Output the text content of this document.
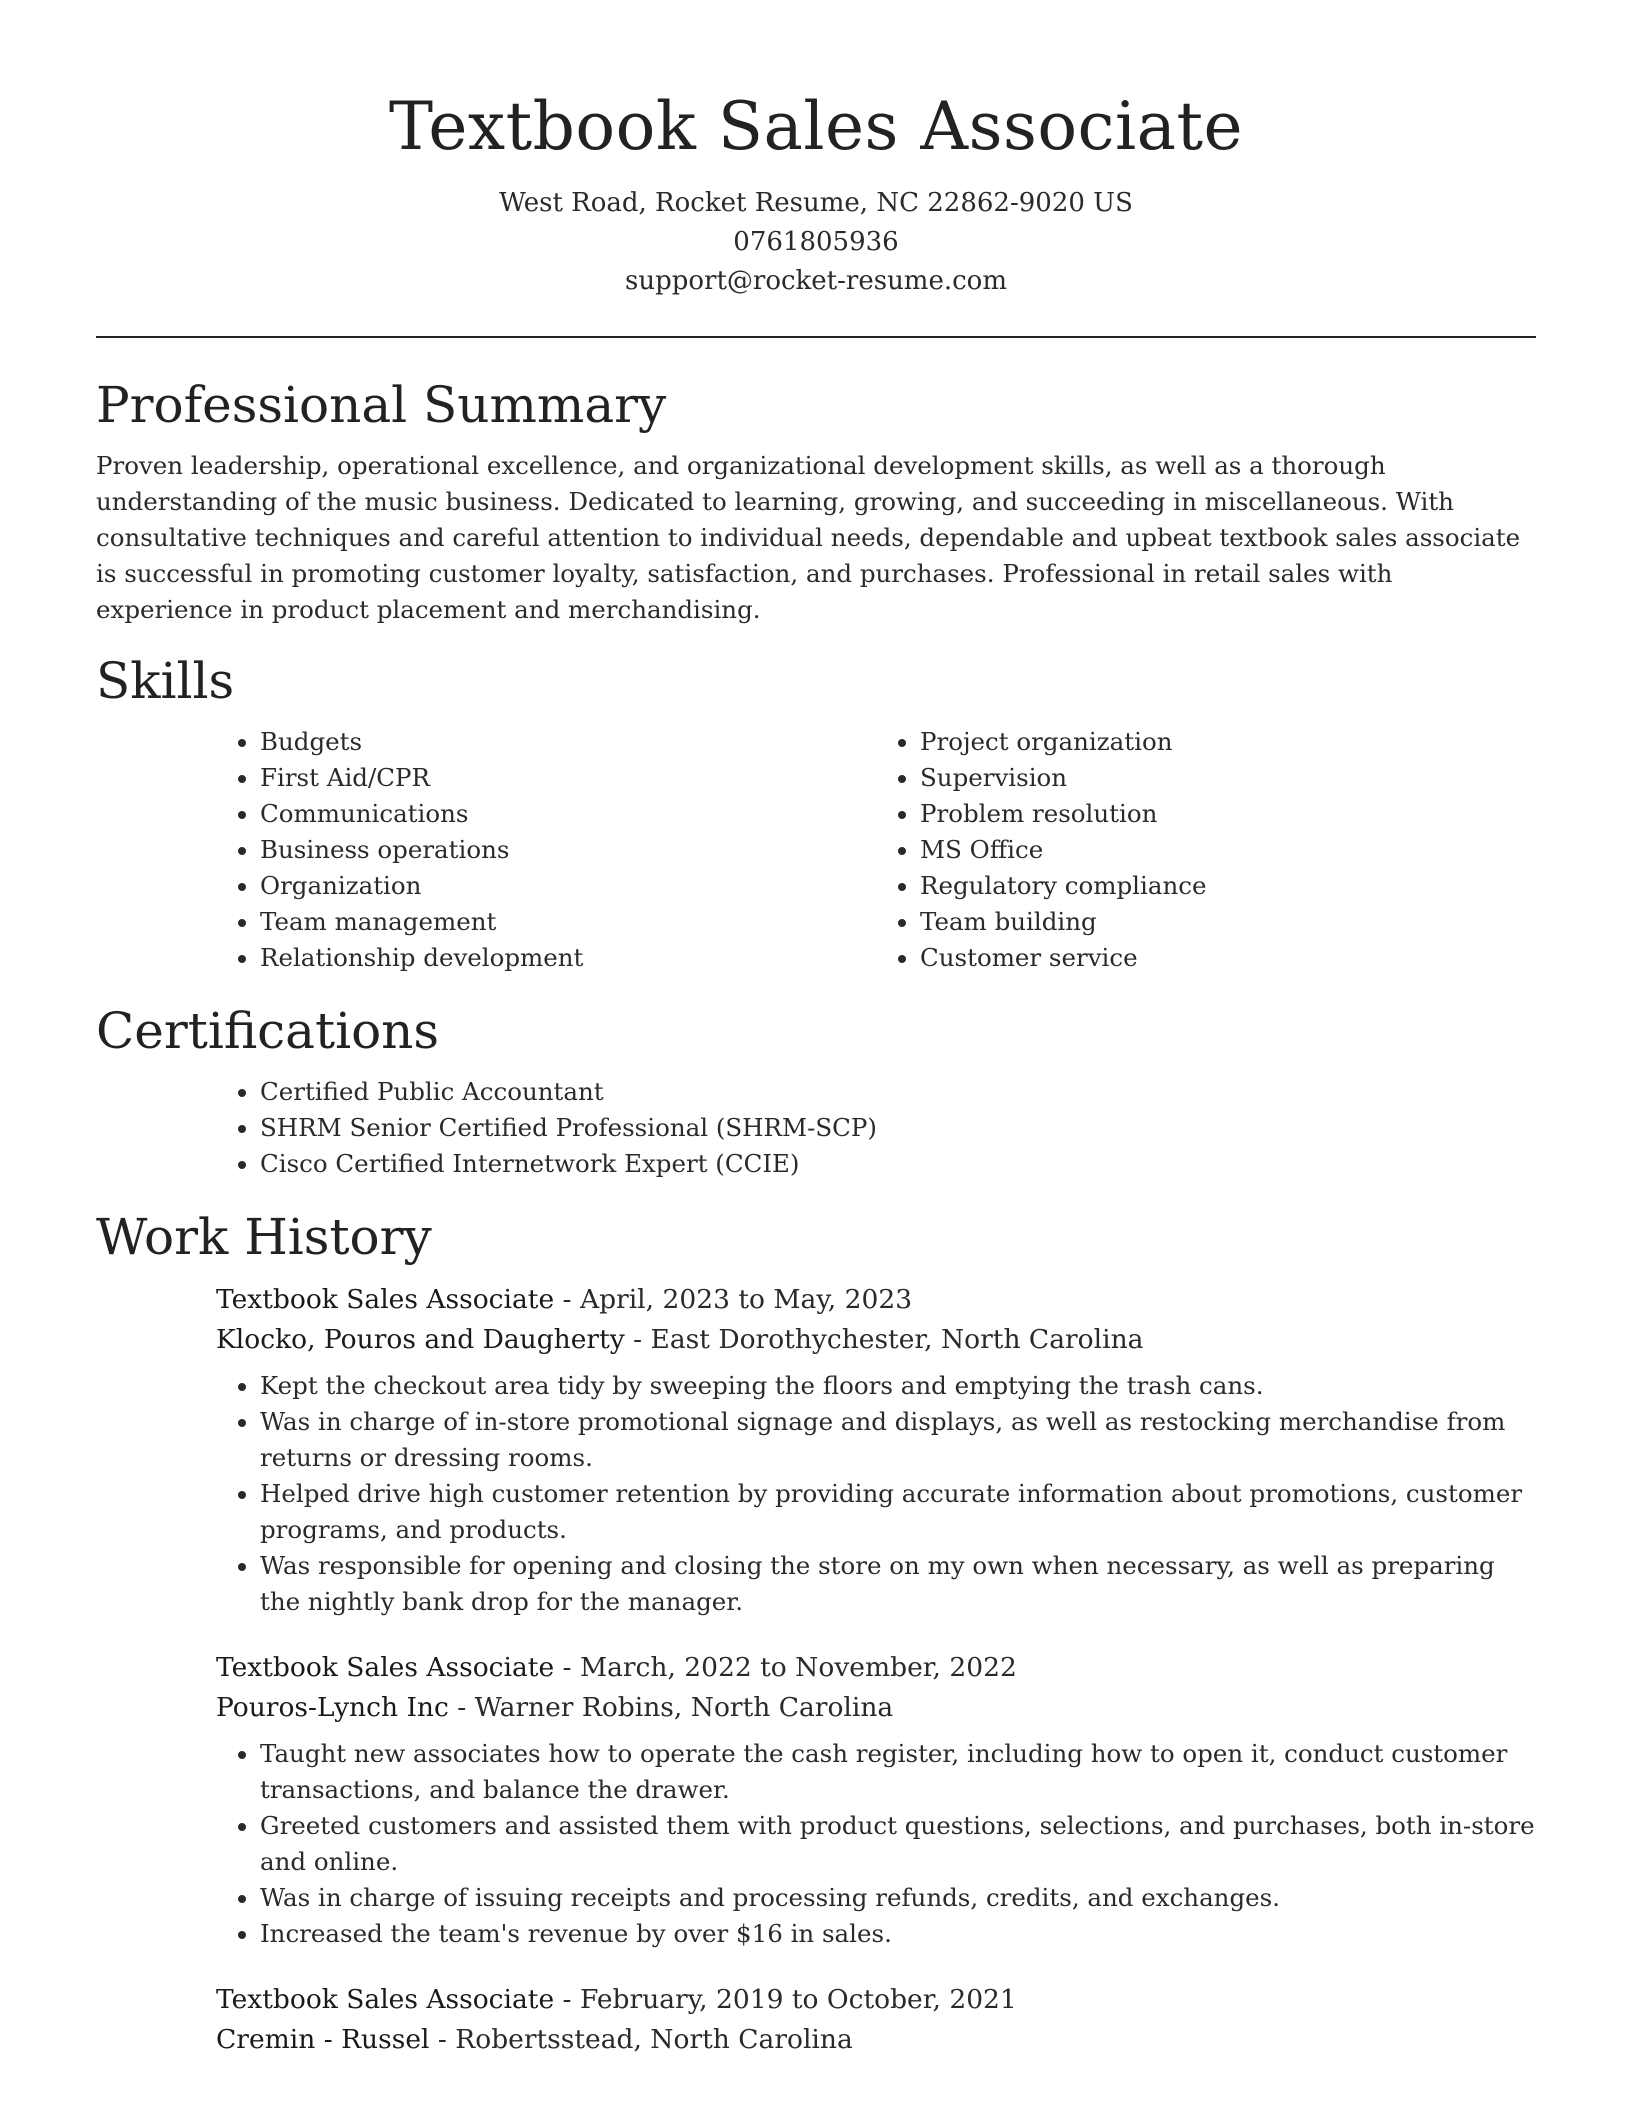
Textbook Sales Associate
West Road, Rocket Resume, NC 22862-9020 US
0761805936
support@rocket-resume.com
Professional Summary

Proven leadership, operational excellence, and organizational development skills, as well as a thorough understanding of the music business. Dedicated to learning, growing, and succeeding in miscellaneous. With consultative techniques and careful attention to individual needs, dependable and upbeat textbook sales associate is successful in promoting customer loyalty, satisfaction, and purchases. Professional in retail sales with experience in product placement and merchandising.

Skills
• Budgets
• First Aid/CPR
• Communications
• Business operations
• Organization
• Team management
• Relationship development
• Project organization
• Supervision
• Problem resolution
• MS Office
• Regulatory compliance
• Team building
• Customer service
Certifications
• Certified Public Accountant
• SHRM Senior Certified Professional (SHRM-SCP)
• Cisco Certified Internetwork Expert (CCIE)
Work History
Textbook Sales Associate - April, 2023 to May, 2023
Klocko, Pouros and Daugherty - East Dorothychester, North Carolina
• Kept the checkout area tidy by sweeping the floors and emptying the trash cans.
• Was in charge of in-store promotional signage and displays, as well as restocking merchandise from returns or dressing rooms.
• Helped drive high customer retention by providing accurate information about promotions, customer programs, and products.
• Was responsible for opening and closing the store on my own when necessary, as well as preparing the nightly bank drop for the manager.
Textbook Sales Associate - March, 2022 to November, 2022
Pouros-Lynch Inc - Warner Robins, North Carolina
• Taught new associates how to operate the cash register, including how to open it, conduct customer transactions, and balance the drawer.
• Greeted customers and assisted them with product questions, selections, and purchases, both in-store and online.
• Was in charge of issuing receipts and processing refunds, credits, and exchanges.
• Increased the team's revenue by over $16 in sales.
Textbook Sales Associate - February, 2019 to October, 2021
Cremin - Russel - Robertsstead, North Carolina
